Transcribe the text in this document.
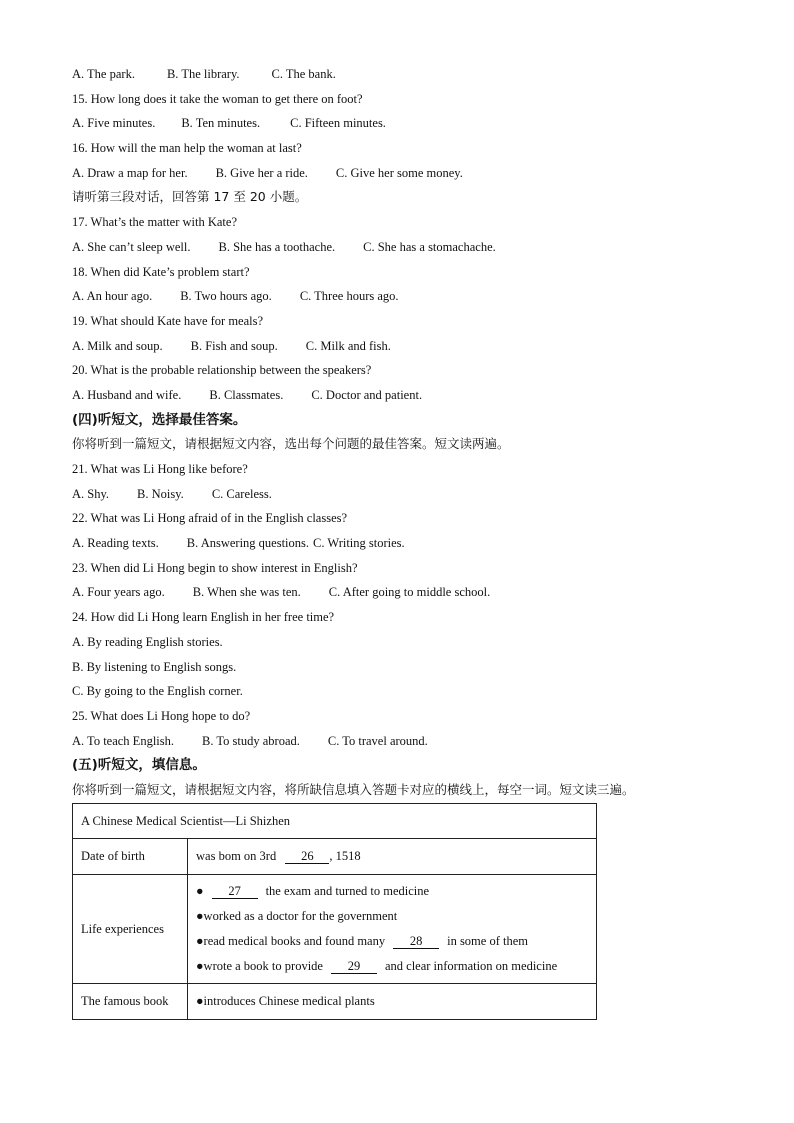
A. The park.	B. The library.	C. The bank.
15. How long does it take the woman to get there on foot?
A. Five minutes. B. Ten minutes. C. Fifteen minutes.
16. How will the man help the woman at last?
A. Draw a map for her. B. Give her a ride. C. Give her some money.
请听第三段对话，回答第 17 至 20 小题。
17. What’s the matter with Kate?
A. She can’t sleep well. B. She has a toothache. C. She has a stomachache.
18. When did Kate’s problem start?
A. An hour ago. B. Two hours ago. C. Three hours ago.
19. What should Kate have for meals?
A. Milk and soup. B. Fish and soup. C. Milk and fish.
20. What is the probable relationship between the speakers?
A. Husband and wife. B. Classmates. C. Doctor and patient.
(四)听短文，选择最佳答案。
你将听到一篇短文，请根据短文内容，选出每个问题的最佳答案。短文读两遍。
21. What was Li Hong like before?
A. Shy. B. Noisy. C. Careless.
22. What was Li Hong afraid of in the English classes?
A. Reading texts. B. Answering questions. C. Writing stories.
23. When did Li Hong begin to show interest in English?
A. Four years ago. B. When she was ten. C. After going to middle school.
24. How did Li Hong learn English in her free time?
A. By reading English stories.
B. By listening to English songs.
C. By going to the English corner.
25. What does Li Hong hope to do?
A. To teach English. B. To study abroad. C. To travel around.
(五)听短文，填信息。
你将听到一篇短文，请根据短文内容，将所缺信息填入答题卡对应的横线上，每空一词。短文读三遍。
A Chinese Medical Scientist—Li Shizhen	
Date of birth	was bom on 3rd 26 , 1518
Life experiences	● 27 the exam and turned to medicine
●worked as a doctor for the government
●read medical books and found many 28 in some of them
●wrote a book to provide 29 and clear information on medicine

The famous book	●introduces Chinese medical plants
